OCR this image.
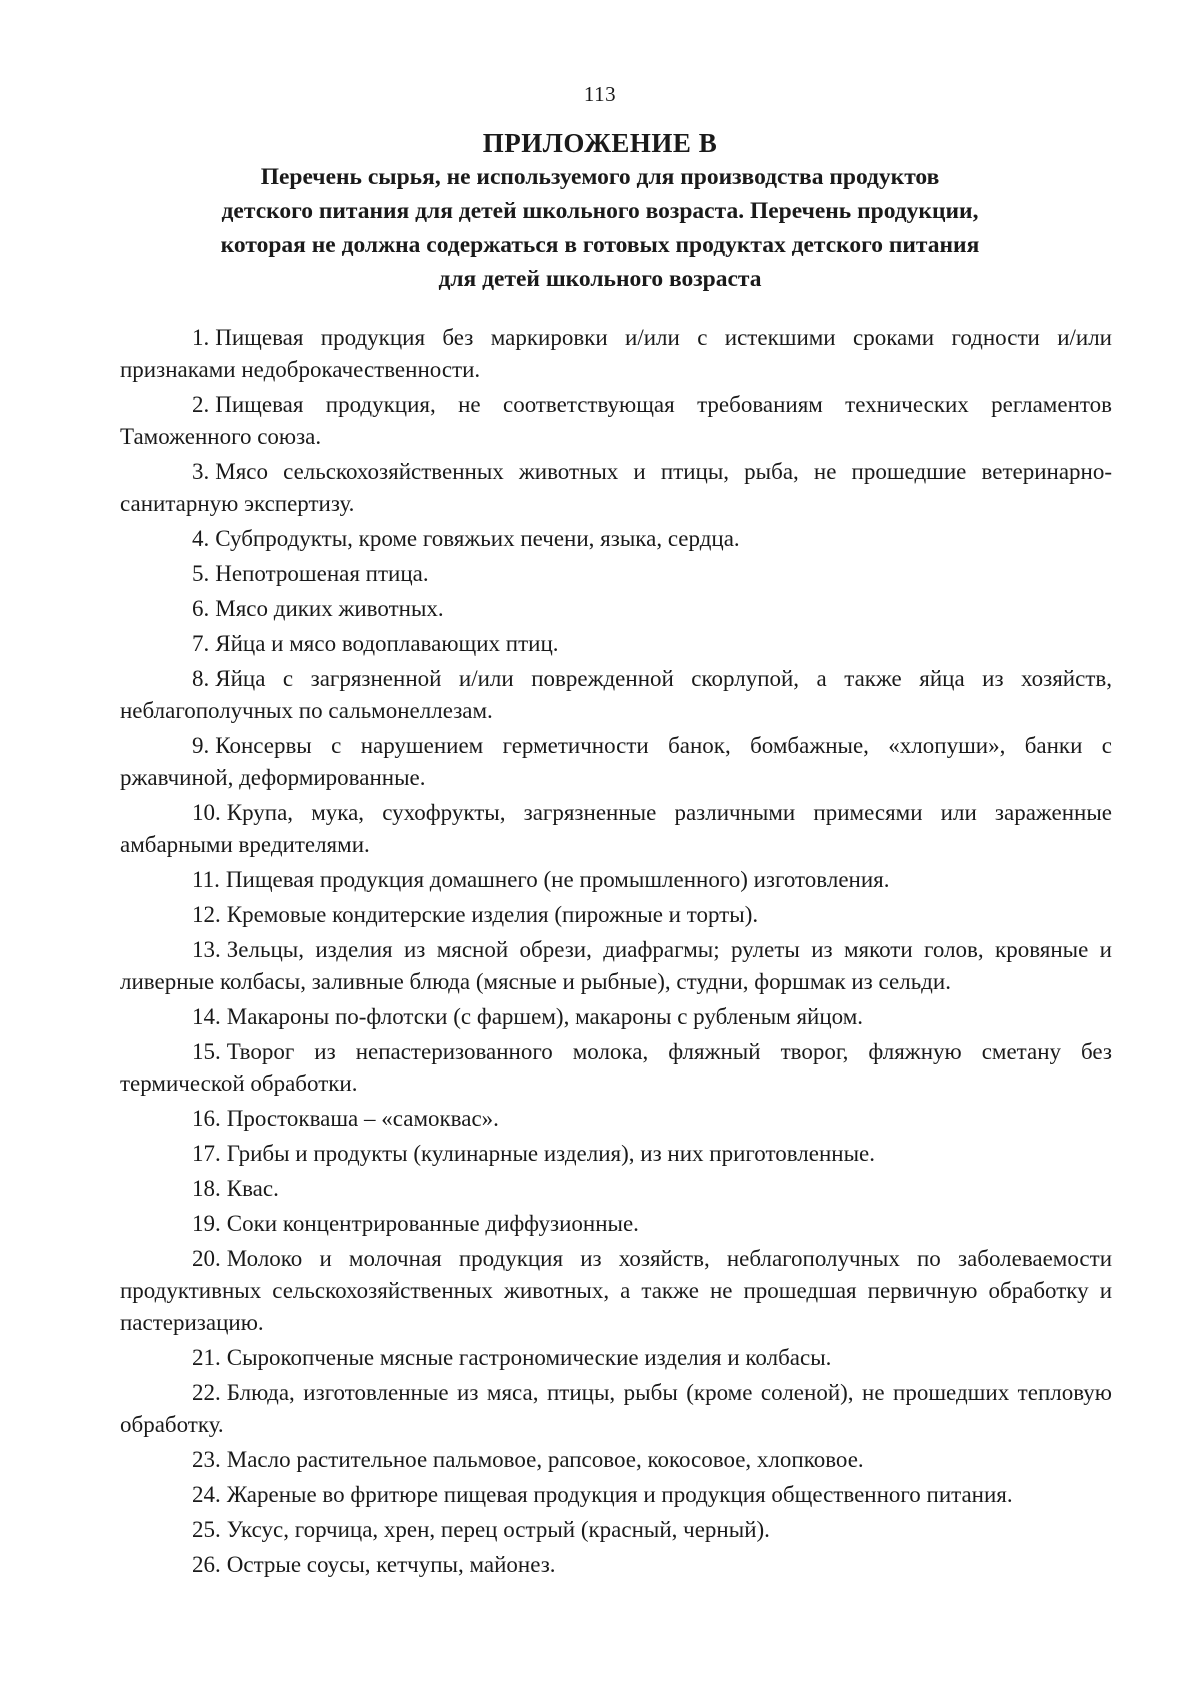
113
ПРИЛОЖЕНИЕ В
Перечень сырья, не используемого для производства продуктов
детского питания для детей школьного возраста. Перечень продукции,
которая не должна содержаться в готовых продуктах детского питания
для детей школьного возраста

1. Пищевая продукция без маркировки и/или с истекшими сроками годности и/или признаками недоброкачественности.

2. Пищевая продукция, не соответствующая требованиям технических регламентов Таможенного союза.

3. Мясо сельскохозяйственных животных и птицы, рыба, не прошедшие ветеринарно-санитарную экспертизу.

4. Субпродукты, кроме говяжьих печени, языка, сердца.

5. Непотрошеная птица.

6. Мясо диких животных.

7. Яйца и мясо водоплавающих птиц.

8. Яйца с загрязненной и/или поврежденной скорлупой, а также яйца из хозяйств, неблагополучных по сальмонеллезам.

9. Консервы с нарушением герметичности банок, бомбажные, «хлопуши», банки с ржавчиной, деформированные.

10. Крупа, мука, сухофрукты, загрязненные различными примесями или зараженные амбарными вредителями.

11. Пищевая продукция домашнего (не промышленного) изготовления.

12. Кремовые кондитерские изделия (пирожные и торты).

13. Зельцы, изделия из мясной обрези, диафрагмы; рулеты из мякоти голов, кровяные и ливерные колбасы, заливные блюда (мясные и рыбные), студни, форшмак из сельди.

14. Макароны по-флотски (с фаршем), макароны с рубленым яйцом.

15. Творог из непастеризованного молока, фляжный творог, фляжную сметану без термической обработки.

16. Простокваша – «самоквас».

17. Грибы и продукты (кулинарные изделия), из них приготовленные.

18. Квас.

19. Соки концентрированные диффузионные.

20. Молоко и молочная продукция из хозяйств, неблагополучных по заболеваемости продуктивных сельскохозяйственных животных, а также не прошедшая первичную обработку и пастеризацию.

21. Сырокопченые мясные гастрономические изделия и колбасы.

22. Блюда, изготовленные из мяса, птицы, рыбы (кроме соленой), не прошедших тепловую обработку.

23. Масло растительное пальмовое, рапсовое, кокосовое, хлопковое.

24. Жареные во фритюре пищевая продукция и продукция общественного питания.

25. Уксус, горчица, хрен, перец острый (красный, черный).

26. Острые соусы, кетчупы, майонез.
